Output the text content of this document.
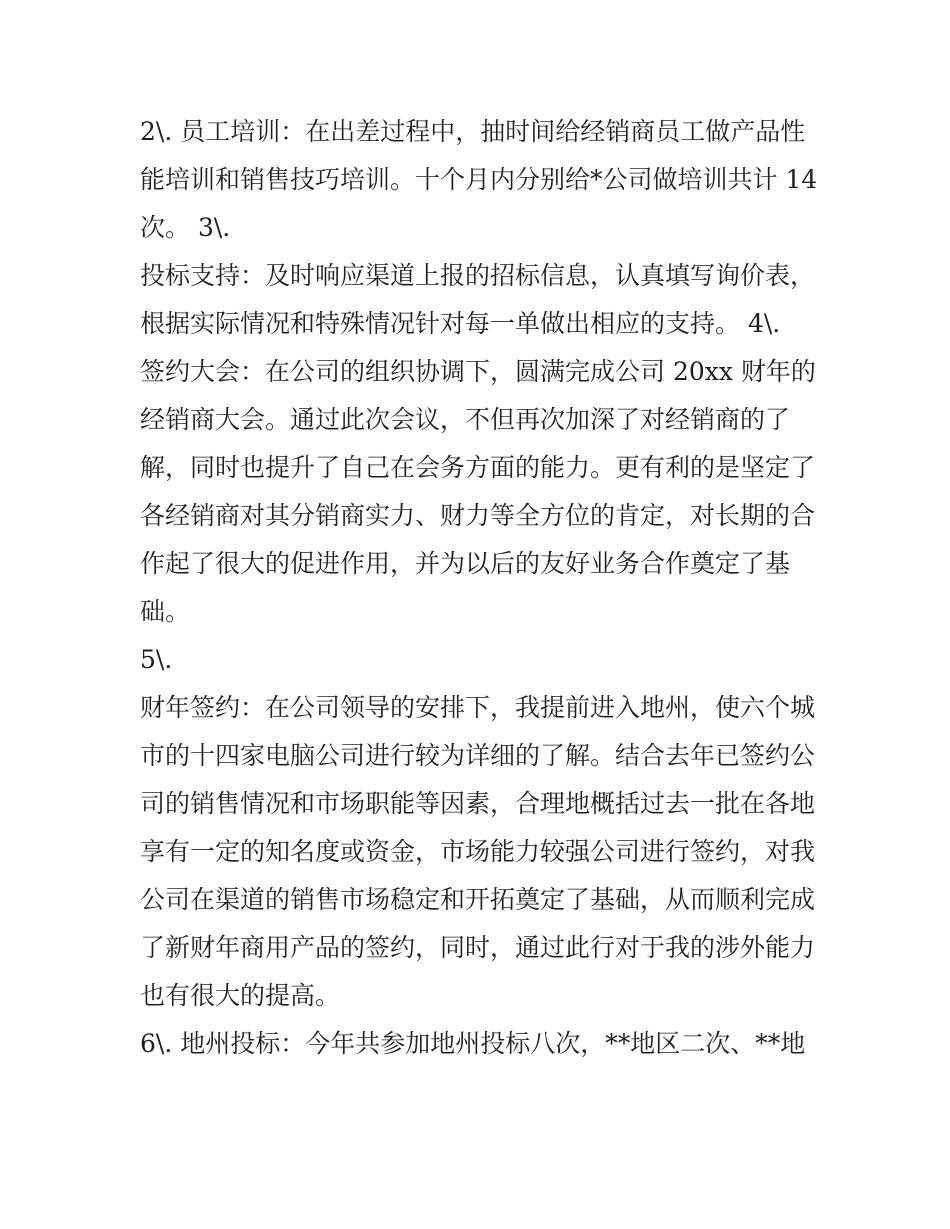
2\. 员工培训：在出差过程中，抽时间给经销商员工做产品性
能培训和销售技巧培训。十个月内分别给*公司做培训共计 14
次。 3\.
投标支持：及时响应渠道上报的招标信息，认真填写询价表，
根据实际情况和特殊情况针对每一单做出相应的支持。 4\.
签约大会：在公司的组织协调下，圆满完成公司 20xx 财年的
经销商大会。通过此次会议，不但再次加深了对经销商的了
解，同时也提升了自己在会务方面的能力。更有利的是坚定了
各经销商对其分销商实力、财力等全方位的肯定，对长期的合
作起了很大的促进作用，并为以后的友好业务合作奠定了基
础。
5\.
财年签约：在公司领导的安排下，我提前进入地州，使六个城
市的十四家电脑公司进行较为详细的了解。结合去年已签约公
司的销售情况和市场职能等因素，合理地概括过去一批在各地
享有一定的知名度或资金，市场能力较强公司进行签约，对我
公司在渠道的销售市场稳定和开拓奠定了基础，从而顺利完成
了新财年商用产品的签约，同时，通过此行对于我的涉外能力
也有很大的提高。
6\. 地州投标：今年共参加地州投标八次，**地区二次、**地
